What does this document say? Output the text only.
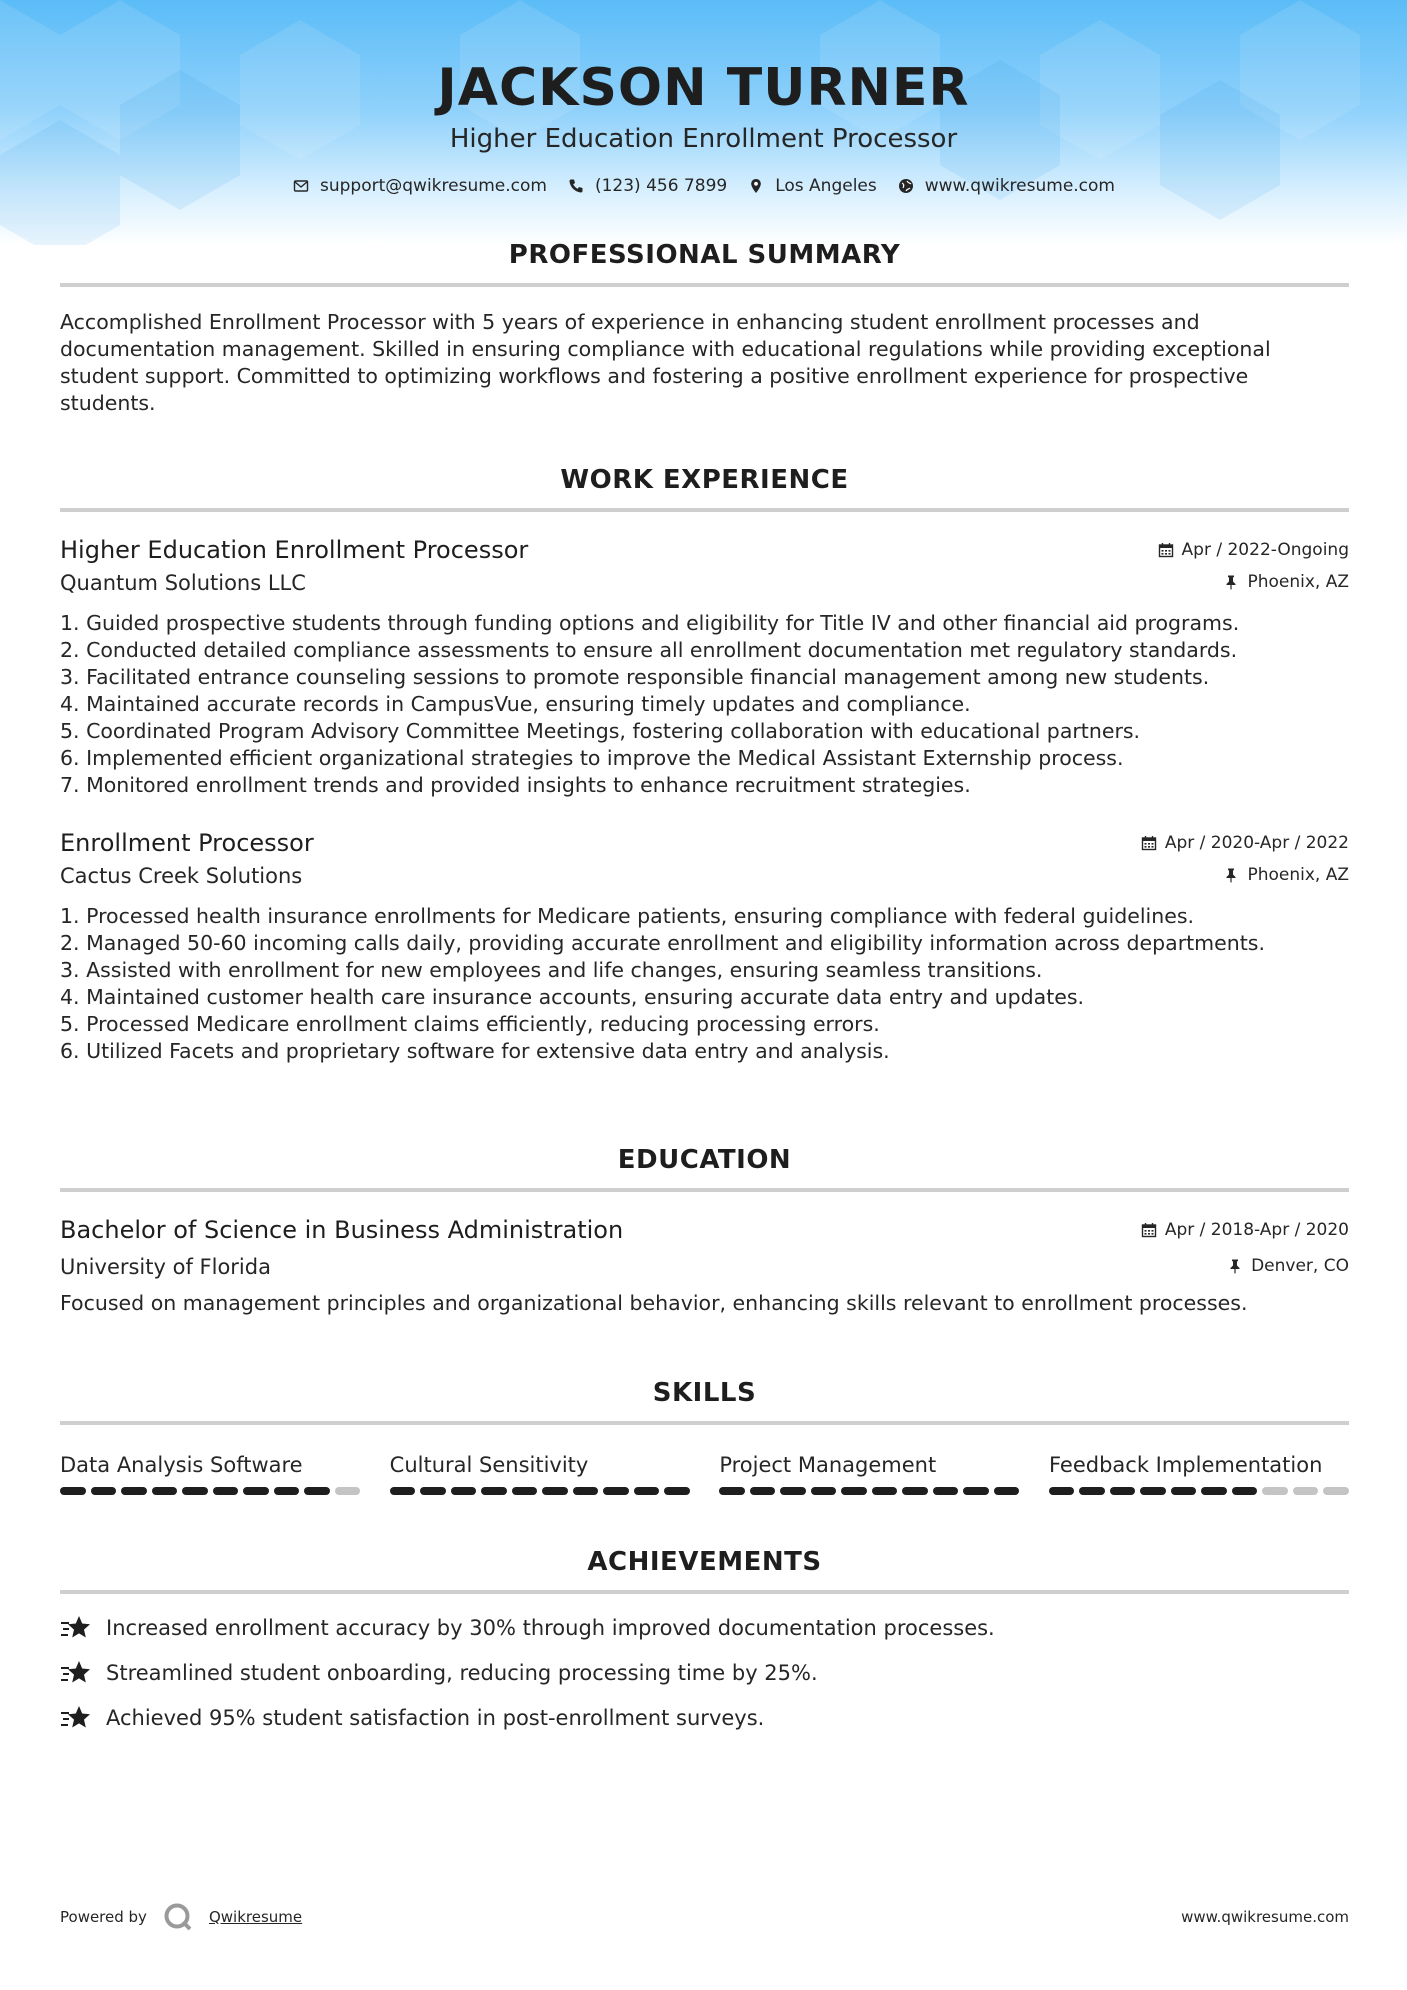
JACKSON TURNER
Higher Education Enrollment Processor
support@qwikresume.com	(123) 456 7899	Los Angeles	www.qwikresume.com
PROFESSIONAL SUMMARY
Accomplished Enrollment Processor with 5 years of experience in enhancing student enrollment processes and documentation management. Skilled in ensuring compliance with educational regulations while providing exceptional student support. Committed to optimizing workflows and fostering a positive enrollment experience for prospective students.
WORK EXPERIENCE
Higher Education Enrollment Processor	Apr / 2022-Ongoing
Quantum Solutions LLC	Phoenix, AZ
1. Guided prospective students through funding options and eligibility for Title IV and other financial aid programs.
2. Conducted detailed compliance assessments to ensure all enrollment documentation met regulatory standards.
3. Facilitated entrance counseling sessions to promote responsible financial management among new students.
4. Maintained accurate records in CampusVue, ensuring timely updates and compliance.
5. Coordinated Program Advisory Committee Meetings, fostering collaboration with educational partners.
6. Implemented efficient organizational strategies to improve the Medical Assistant Externship process.
7. Monitored enrollment trends and provided insights to enhance recruitment strategies.
Enrollment Processor	Apr / 2020-Apr / 2022
Cactus Creek Solutions	Phoenix, AZ
1. Processed health insurance enrollments for Medicare patients, ensuring compliance with federal guidelines.
2. Managed 50-60 incoming calls daily, providing accurate enrollment and eligibility information across departments.
3. Assisted with enrollment for new employees and life changes, ensuring seamless transitions.
4. Maintained customer health care insurance accounts, ensuring accurate data entry and updates.
5. Processed Medicare enrollment claims efficiently, reducing processing errors.
6. Utilized Facets and proprietary software for extensive data entry and analysis.
EDUCATION
Bachelor of Science in Business Administration	Apr / 2018-Apr / 2020
University of Florida	Denver, CO
Focused on management principles and organizational behavior, enhancing skills relevant to enrollment processes.
SKILLS
Data Analysis Software	Cultural Sensitivity	Project Management	Feedback Implementation
ACHIEVEMENTS
Increased enrollment accuracy by 30% through improved documentation processes.
Streamlined student onboarding, reducing processing time by 25%.
Achieved 95% student satisfaction in post-enrollment surveys.
Powered by	Qwikresume	www.qwikresume.com
